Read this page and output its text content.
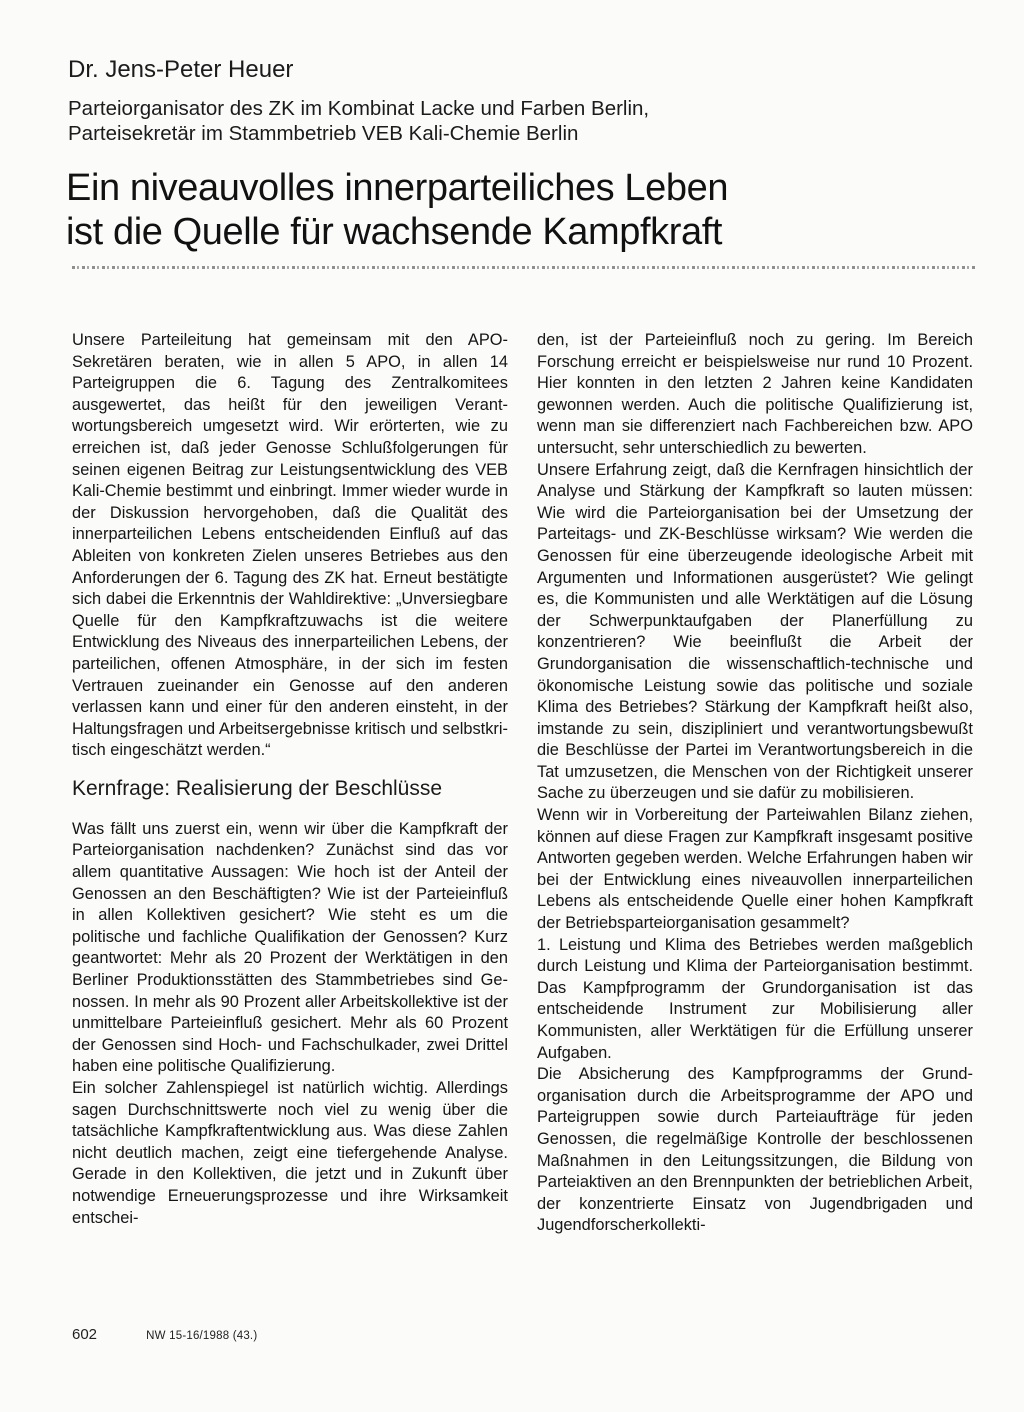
Dr. Jens-Peter Heuer
Parteiorganisator des ZK im Kombinat Lacke und Farben Berlin,
Parteisekretär im Stammbetrieb VEB Kali-Chemie Berlin
Ein niveauvolles innerparteiliches Leben
ist die Quelle für wachsende Kampfkraft

Unsere Parteileitung hat gemeinsam mit den APO-Sekretären beraten, wie in allen 5 APO, in allen 14 Parteigruppen die 6. Tagung des Zentralkomitees ausgewertet, das heißt für den jeweiligen Verantwortungsbereich umgesetzt wird. Wir erörterten, wie zu erreichen ist, daß jeder Genosse Schlußfolgerungen für seinen eigenen Beitrag zur Leistungsentwicklung des VEB Kali-Chemie bestimmt und einbringt. Immer wieder wurde in der Diskussion hervorgehoben, daß die Qualität des innerparteilichen Lebens entscheidenden Einfluß auf das Ableiten von konkreten Zielen unseres Betriebes aus den Anforderungen der 6. Tagung des ZK hat. Erneut bestätigte sich dabei die Erkenntnis der Wahldirektive: „Unversiegbare Quelle für den Kampfkraftzuwachs ist die weitere Entwicklung des Niveaus des innerparteilichen Lebens, der parteilichen, offenen Atmosphäre, in der sich im festen Vertrauen zueinander ein Genosse auf den anderen verlassen kann und einer für den anderen einsteht, in der Haltungsfragen und Arbeitsergebnisse kritisch und selbstkritisch eingeschätzt werden.“

Kernfrage: Realisierung der Beschlüsse

Was fällt uns zuerst ein, wenn wir über die Kampfkraft der Parteiorganisation nachdenken? Zunächst sind das vor allem quantitative Aussagen: Wie hoch ist der Anteil der Genossen an den Beschäftigten? Wie ist der Parteieinfluß in allen Kollektiven gesichert? Wie steht es um die politische und fachliche Qualifikation der Genossen? Kurz geantwortet: Mehr als 20 Prozent der Werktätigen in den Berliner Produktionsstätten des Stammbetriebes sind Genossen. In mehr als 90 Prozent aller Arbeitskollektive ist der unmittelbare Parteieinfluß gesichert. Mehr als 60 Prozent der Genossen sind Hoch- und Fachschulkader, zwei Drittel haben eine politische Qualifizierung.

Ein solcher Zahlenspiegel ist natürlich wichtig. Allerdings sagen Durchschnittswerte noch viel zu wenig über die tatsächliche Kampfkraftentwicklung aus. Was diese Zahlen nicht deutlich machen, zeigt eine tiefergehende Analyse. Gerade in den Kollektiven, die jetzt und in Zukunft über notwendige Erneuerungsprozesse und ihre Wirksamkeit entschei-

den, ist der Parteieinfluß noch zu gering. Im Bereich Forschung erreicht er beispielsweise nur rund 10 Prozent. Hier konnten in den letzten 2 Jahren keine Kandidaten gewonnen werden. Auch die politische Qualifizierung ist, wenn man sie differenziert nach Fachbereichen bzw. APO untersucht, sehr unterschiedlich zu bewerten.

Unsere Erfahrung zeigt, daß die Kernfragen hinsichtlich der Analyse und Stärkung der Kampfkraft so lauten müssen: Wie wird die Parteiorganisation bei der Umsetzung der Parteitags- und ZK-Beschlüsse wirksam? Wie werden die Genossen für eine überzeugende ideologische Arbeit mit Argumenten und Informationen ausgerüstet? Wie gelingt es, die Kommunisten und alle Werktätigen auf die Lösung der Schwerpunktaufgaben der Planerfüllung zu konzentrieren? Wie beeinflußt die Arbeit der Grundorganisation die wissenschaftlich-technische und ökonomische Leistung sowie das politische und soziale Klima des Betriebes? Stärkung der Kampfkraft heißt also, imstande zu sein, diszipliniert und verantwortungsbewußt die Beschlüsse der Partei im Verantwortungsbereich in die Tat umzusetzen, die Menschen von der Richtigkeit unserer Sache zu überzeugen und sie dafür zu mobilisieren.

Wenn wir in Vorbereitung der Parteiwahlen Bilanz ziehen, können auf diese Fragen zur Kampfkraft insgesamt positive Antworten gegeben werden. Welche Erfahrungen haben wir bei der Entwicklung eines niveauvollen innerparteilichen Lebens als entscheidende Quelle einer hohen Kampfkraft der Betriebsparteiorganisation gesammelt?

1. Leistung und Klima des Betriebes werden maßgeblich durch Leistung und Klima der Parteiorganisation bestimmt. Das Kampfprogramm der Grundorganisation ist das entscheidende Instrument zur Mobilisierung aller Kommunisten, aller Werktätigen für die Erfüllung unserer Aufgaben.

Die Absicherung des Kampfprogramms der Grundorganisation durch die Arbeitsprogramme der APO und Parteigruppen sowie durch Parteiaufträge für jeden Genossen, die regelmäßige Kontrolle der beschlossenen Maßnahmen in den Leitungssitzungen, die Bildung von Parteiaktiven an den Brennpunkten der betrieblichen Arbeit, der konzentrierte Einsatz von Jugendbrigaden und Jugendforscherkollekti-

602	NW 15-16/1988 (43.)
